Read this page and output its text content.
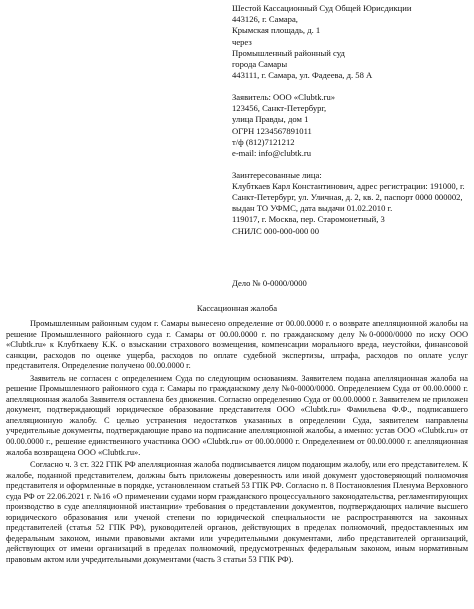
Шестой Кассационный Суд Общей Юрисдикции
443126, г. Самара,
Крымская площадь, д. 1
через
Промышленный районный суд
города Самары
443111, г. Самара, ул. Фадеева, д. 58 А
Заявитель: ООО «Clubtk.ru»
123456, Санкт-Петербург,
улица Правды, дом 1
ОГРН 1234567891011
т/ф (812)7121212
e-mail: info@clubtk.ru
Заинтересованные лица:
Клубткаев Карл Константинович, адрес регистрации: 191000, г. Санкт-Петербург, ул. Уличная, д. 2, кв. 2, паспорт 0000 000002, выдан ТО УФМС, дата выдачи 01.02.2010 г.
119017, г. Москва, пер. Старомонетный, 3
СНИЛС 000-000-000 00
Дело № 0-0000/0000
Кассационная жалоба

Промышленным районным судом г. Самары вынесено определение от 00.00.0000 г. о возврате апелляционной жалобы на решение Промышленного районного суда г. Самары от 00.00.0000 г. по гражданскому делу №0-0000/0000 по иску ООО «Clubtk.ru» к Клубткаеву К.К. о взыскании страхового возмещения, компенсации морального вреда, неустойки, финансовой санкции, расходов по оценке ущерба, расходов по оплате судебной экспертизы, штрафа, расходов по оплате услуг представителя. Определение получено 00.00.0000 г.

Заявитель не согласен с определением Суда по следующим основаниям. Заявителем подана апелляционная жалоба на решение Промышленного районного суда г. Самары по гражданскому делу №0-0000/0000. Определением Суда от 00.00.0000 г. апелляционная жалоба Заявителя оставлена без движения. Согласно определению Суда от 00.00.0000 г. Заявителем не приложен документ, подтверждающий юридическое образование представителя ООО «Clubtk.ru» Фамильева Ф.Ф., подписавшего апелляционную жалобу. С целью устранения недостатков указанных в определении Суда, заявителем направлены учредительные документы, подтверждающие право на подписание апелляционной жалобы, а именно: устав ООО «Clubtk.ru» от 00.00.0000 г., решение единственного участника ООО «Clubtk.ru» от 00.00.0000 г. Определением от 00.00.0000 г. апелляционная жалоба возвращена ООО «Clubtk.ru».

Согласно ч. 3 ст. 322 ГПК РФ апелляционная жалоба подписывается лицом подающим жалобу, или его представителем. К жалобе, поданной представителем, должны быть приложены доверенность или иной документ удостоверяющий полномочия представителя и оформленные в порядке, установленном статьей 53 ГПК РФ. Согласно п. 8 Постановления Пленума Верховного суда РФ от 22.06.2021 г. №16 «О применении судами норм гражданского процессуального законодательства, регламентирующих производство в суде апелляционной инстанции» требования о представлении документов, подтверждающих наличие высшего юридического образования или ученой степени по юридической специальности не распространяются на законных представителей (статья 52 ГПК РФ), руководителей органов, действующих в пределах полномочий, предоставленных им федеральным законом, иными правовыми актами или учредительными документами, либо представителей организаций, действующих от имени организаций в пределах полномочий, предусмотренных федеральным законом, иным нормативным правовым актом или учредительными документами (часть 3 статьи 53 ГПК РФ).
